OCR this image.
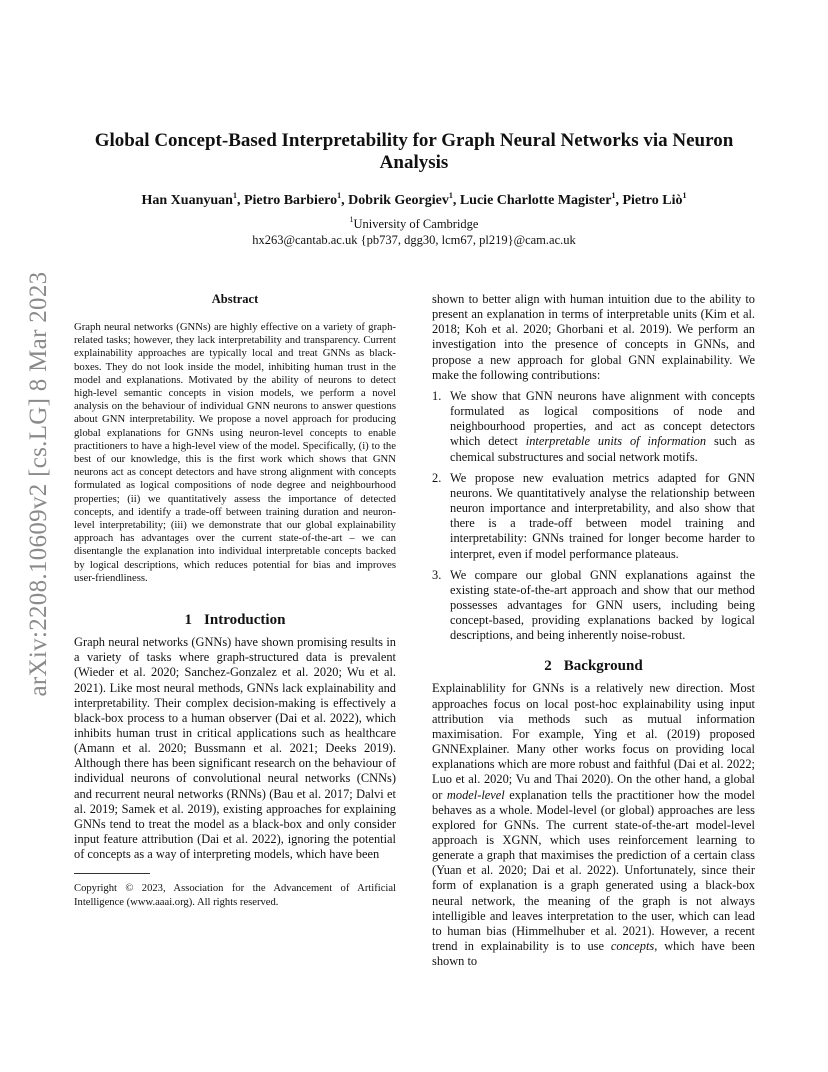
arXiv:2208.10609v2 [cs.LG] 8 Mar 2023
Global Concept-Based Interpretability for Graph Neural Networks via Neuron Analysis
Han Xuanyuan$^1$, Pietro Barbiero$^1$, Dobrik Georgiev$^1$, Lucie Charlotte Magister$^1$, Pietro Liò$^1$
$^1$University of Cambridge
hx263@cantab.ac.uk {pb737, dgg30, lcm67, pl219}@cam.ac.uk
Abstract

Graph neural networks (GNNs) are highly effective on a variety of graph-related tasks; however, they lack interpretability and transparency. Current explainability approaches are typically local and treat GNNs as black-boxes. They do not look inside the model, inhibiting human trust in the model and explanations. Motivated by the ability of neurons to detect high-level semantic concepts in vision models, we perform a novel analysis on the behaviour of individual GNN neurons to answer questions about GNN interpretability. We propose a novel approach for producing global explanations for GNNs using neuron-level concepts to enable practitioners to have a high-level view of the model. Specifically, (i) to the best of our knowledge, this is the first work which shows that GNN neurons act as concept detectors and have strong alignment with concepts formulated as logical compositions of node degree and neighbourhood properties; (ii) we quantitatively assess the importance of detected concepts, and identify a trade-off between training duration and neuron-level interpretability; (iii) we demonstrate that our global explainability approach has advantages over the current state-of-the-art – we can disentangle the explanation into individual interpretable concepts backed by logical descriptions, which reduces potential for bias and improves user-friendliness.

1 Introduction

Graph neural networks (GNNs) have shown promising results in a variety of tasks where graph-structured data is prevalent (Wieder et al. 2020; Sanchez-Gonzalez et al. 2020; Wu et al. 2021). Like most neural methods, GNNs lack explainability and interpretability. Their complex decision-making is effectively a black-box process to a human observer (Dai et al. 2022), which inhibits human trust in critical applications such as healthcare (Amann et al. 2020; Bussmann et al. 2021; Deeks 2019). Although there has been significant research on the behaviour of individual neurons of convolutional neural networks (CNNs) and recurrent neural networks (RNNs) (Bau et al. 2017; Dalvi et al. 2019; Samek et al. 2019), existing approaches for explaining GNNs tend to treat the model as a black-box and only consider input feature attribution (Dai et al. 2022), ignoring the potential of concepts as a way of interpreting models, which have been

Copyright © 2023, Association for the Advancement of Artificial Intelligence (www.aaai.org). All rights reserved.

shown to better align with human intuition due to the ability to present an explanation in terms of interpretable units (Kim et al. 2018; Koh et al. 2020; Ghorbani et al. 2019). We perform an investigation into the presence of concepts in GNNs, and propose a new approach for global GNN explainability. We make the following contributions:

1. We show that GNN neurons have alignment with concepts formulated as logical compositions of node and neighbourhood properties, and act as concept detectors which detect interpretable units of information such as chemical substructures and social network motifs.
2. We propose new evaluation metrics adapted for GNN neurons. We quantitatively analyse the relationship between neuron importance and interpretability, and also show that there is a trade-off between model training and interpretability: GNNs trained for longer become harder to interpret, even if model performance plateaus.
3. We compare our global GNN explanations against the existing state-of-the-art approach and show that our method possesses advantages for GNN users, including being concept-based, providing explanations backed by logical descriptions, and being inherently noise-robust.
2 Background

Explainablility for GNNs is a relatively new direction. Most approaches focus on local post-hoc explainability using input attribution via methods such as mutual information maximisation. For example, Ying et al. (2019) proposed GNNExplainer. Many other works focus on providing local explanations which are more robust and faithful (Dai et al. 2022; Luo et al. 2020; Vu and Thai 2020). On the other hand, a global or model-level explanation tells the practitioner how the model behaves as a whole. Model-level (or global) approaches are less explored for GNNs. The current state-of-the-art model-level approach is XGNN, which uses reinforcement learning to generate a graph that maximises the prediction of a certain class (Yuan et al. 2020; Dai et al. 2022). Unfortunately, since their form of explanation is a graph generated using a black-box neural network, the meaning of the graph is not always intelligible and leaves interpretation to the user, which can lead to human bias (Himmelhuber et al. 2021). However, a recent trend in explainability is to use concepts, which have been shown to
